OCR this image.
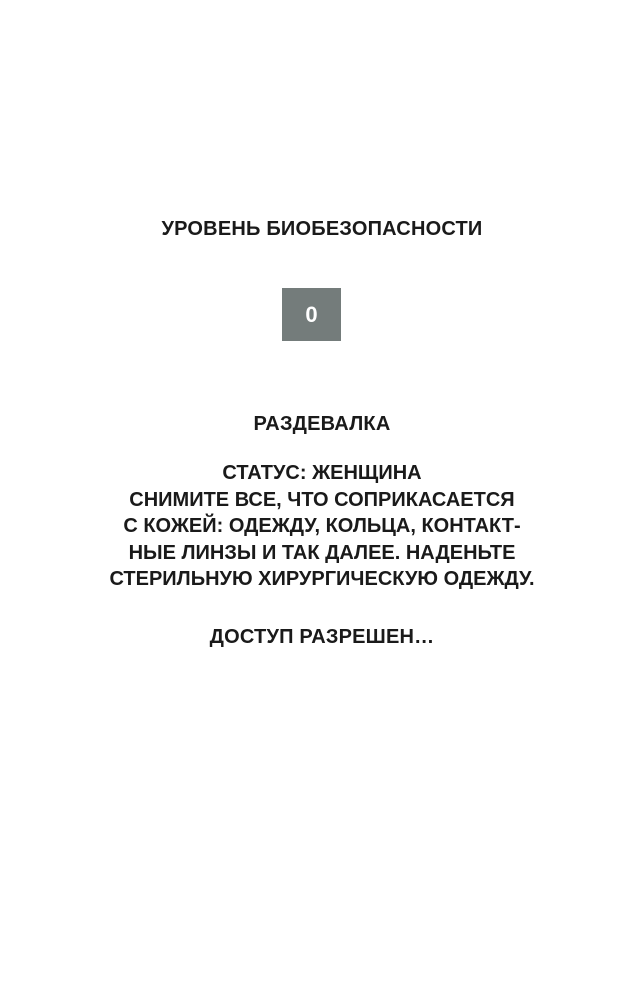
УРОВЕНЬ БИОБЕЗОПАСНОСТИ
0
РАЗДЕВАЛКА
СТАТУС: ЖЕНЩИНА
СНИМИТЕ ВСЕ, ЧТО СОПРИКАСАЕТСЯ
С КОЖЕЙ: ОДЕЖДУ, КОЛЬЦА, КОНТАКТ-
НЫЕ ЛИНЗЫ И ТАК ДАЛЕЕ. НАДЕНЬТЕ
СТЕРИЛЬНУЮ ХИРУРГИЧЕСКУЮ ОДЕЖДУ.
ДОСТУП РАЗРЕШЕН…
